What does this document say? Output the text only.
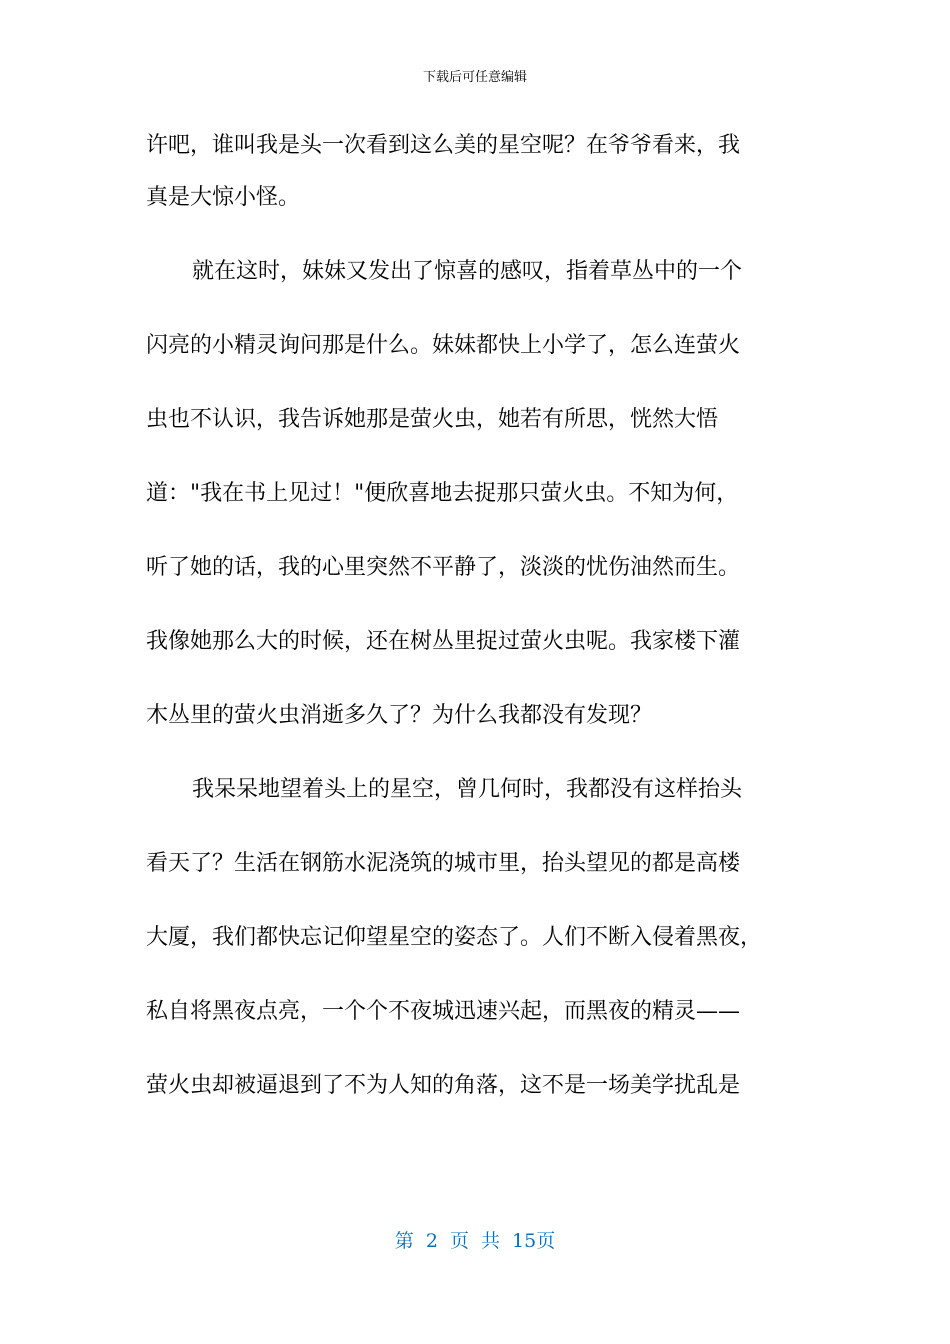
下载后可任意编辑
许吧，谁叫我是头一次看到这么美的星空呢？在爷爷看来，我
真是大惊小怪。
就在这时，妹妹又发出了惊喜的感叹，指着草丛中的一个
闪亮的小精灵询问那是什么。妹妹都快上小学了，怎么连萤火
虫也不认识，我告诉她那是萤火虫，她若有所思，恍然大悟
道："我在书上见过！"便欣喜地去捉那只萤火虫。不知为何，
听了她的话，我的心里突然不平静了，淡淡的忧伤油然而生。
我像她那么大的时候，还在树丛里捉过萤火虫呢。我家楼下灌
木丛里的萤火虫消逝多久了？为什么我都没有发现？
我呆呆地望着头上的星空，曾几何时，我都没有这样抬头
看天了？生活在钢筋水泥浇筑的城市里，抬头望见的都是高楼
大厦，我们都快忘记仰望星空的姿态了。人们不断入侵着黑夜，
私自将黑夜点亮，一个个不夜城迅速兴起，而黑夜的精灵——
萤火虫却被逼退到了不为人知的角落，这不是一场美学扰乱是
第 2 页 共 15页
